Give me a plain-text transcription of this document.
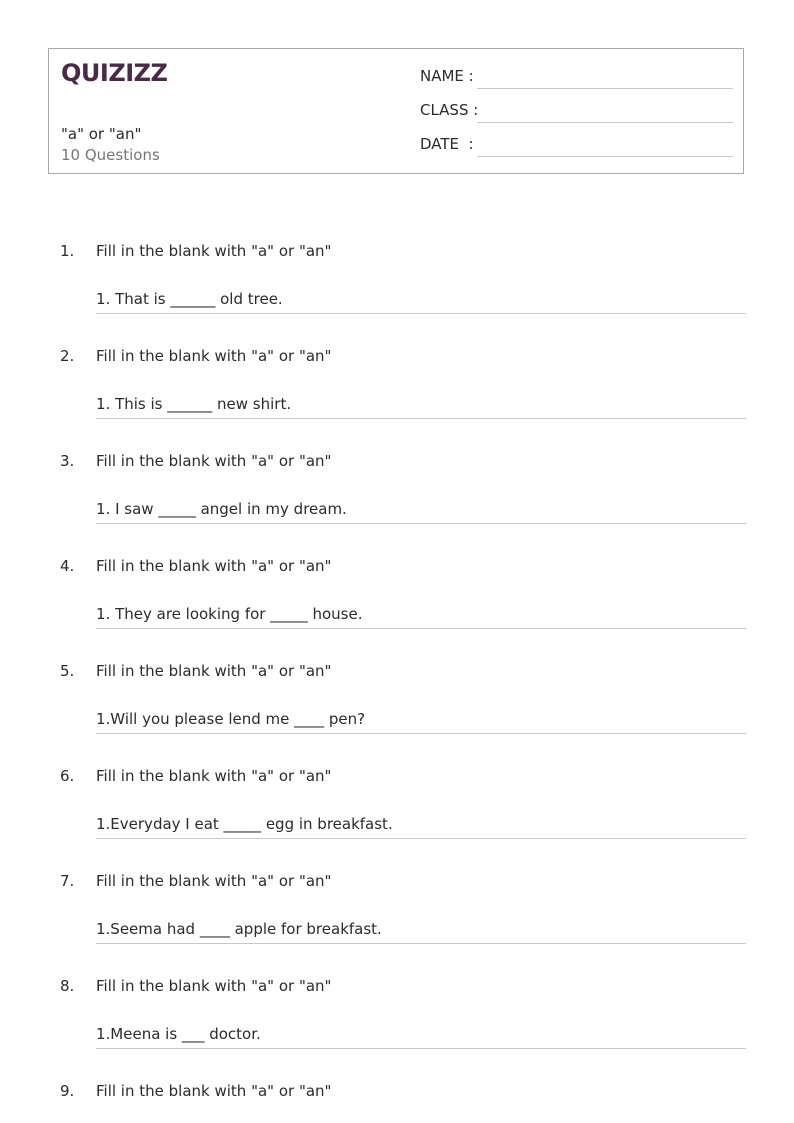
QUIZIZZ
"a" or "an"
10 Questions
NAME :
CLASS :
DATE  :
1. Fill in the blank with "a" or "an"
1. That is ______ old tree.
2. Fill in the blank with "a" or "an"
1. This is ______ new shirt.
3. Fill in the blank with "a" or "an"
1. I saw _____ angel in my dream.
4. Fill in the blank with "a" or "an"
1. They are looking for _____ house.
5. Fill in the blank with "a" or "an"
1.Will you please lend me ____ pen?
6. Fill in the blank with "a" or "an"
1.Everyday I eat _____ egg in breakfast.
7. Fill in the blank with "a" or "an"
1.Seema had ____ apple for breakfast.
8. Fill in the blank with "a" or "an"
1.Meena is ___ doctor.
9. Fill in the blank with "a" or "an"
